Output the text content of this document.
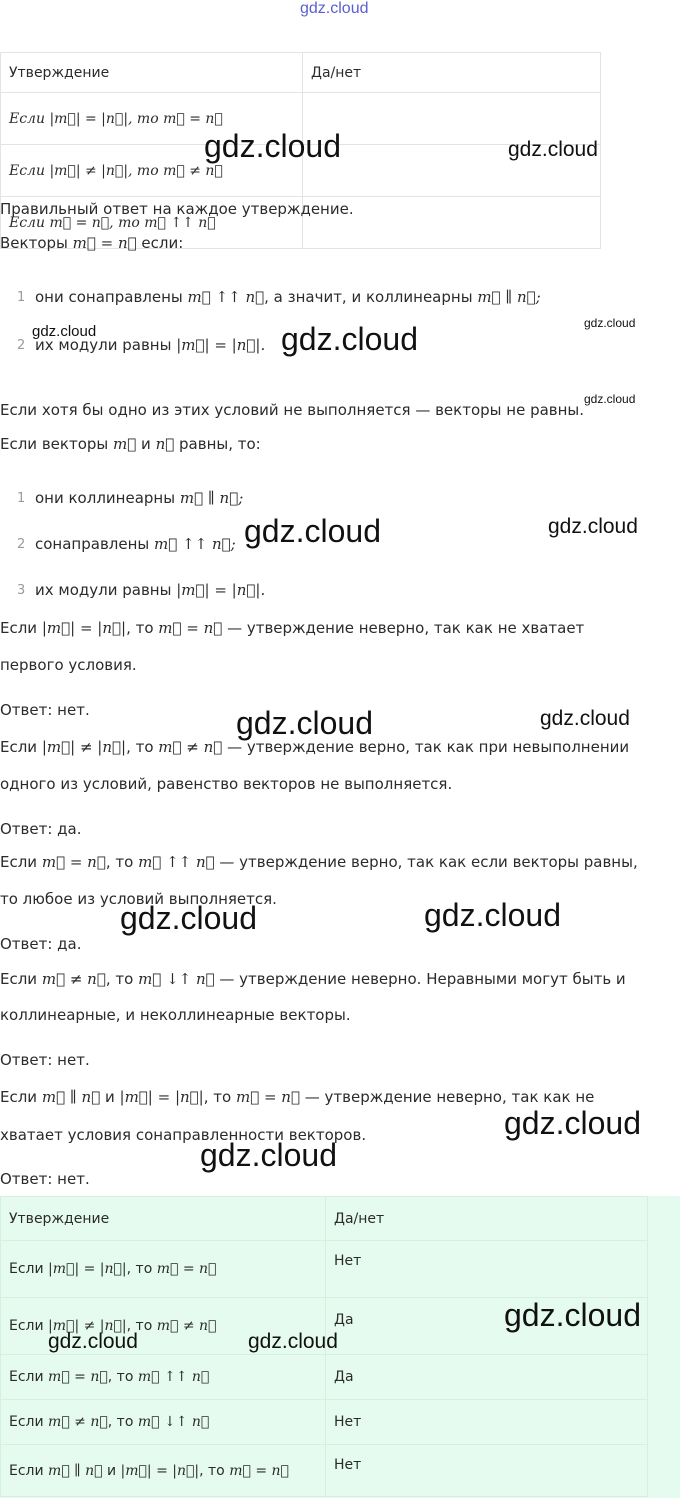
gdz.cloud
Утверждение	Да/нет
Если |m⃗| = |n⃗|, то m⃗ = n⃗	
Если |m⃗| ≠ |n⃗|, то m⃗ ≠ n⃗	
Если m⃗ = n⃗, то m⃗ ↑↑ n⃗	
Правильный ответ на каждое утверждение.
Векторы m⃗ = n⃗ если:
1 они сонаправлены m⃗ ↑↑ n⃗, а значит, и коллинеарны m⃗ ∥ n⃗;
2 их модули равны |m⃗| = |n⃗|.
Если хотя бы одно из этих условий не выполняется — векторы не равны.
Если векторы m⃗ и n⃗ равны, то:
1 они коллинеарны m⃗ ∥ n⃗;
2 сонаправлены m⃗ ↑↑ n⃗;
3 их модули равны |m⃗| = |n⃗|.
Если |m⃗| = |n⃗|, то m⃗ = n⃗ — утверждение неверно, так как не хватает
первого условия.
Ответ: нет.
Если |m⃗| ≠ |n⃗|, то m⃗ ≠ n⃗ — утверждение верно, так как при невыполнении
одного из условий, равенство векторов не выполняется.
Ответ: да.
Если m⃗ = n⃗, то m⃗ ↑↑ n⃗ — утверждение верно, так как если векторы равны,
то любое из условий выполняется.
Ответ: да.
Если m⃗ ≠ n⃗, то m⃗ ↓↑ n⃗ — утверждение неверно. Неравными могут быть и
коллинеарные, и неколлинеарные векторы.
Ответ: нет.
Если m⃗ ∥ n⃗ и |m⃗| = |n⃗|, то m⃗ = n⃗ — утверждение неверно, так как не
хватает условия сонаправленности векторов.
Ответ: нет.
Утверждение	Да/нет
Если |m⃗| = |n⃗|, то m⃗ = n⃗	Нет
Если |m⃗| ≠ |n⃗|, то m⃗ ≠ n⃗	Да
Если m⃗ = n⃗, то m⃗ ↑↑ n⃗	Да
Если m⃗ ≠ n⃗, то m⃗ ↓↑ n⃗	Нет
Если m⃗ ∥ n⃗ и |m⃗| = |n⃗|, то m⃗ = n⃗	Нет
gdz.cloud	gdz.cloud
gdz.cloud	gdz.cloud	gdz.cloud
gdz.cloud
gdz.cloud	gdz.cloud
gdz.cloud	gdz.cloud
gdz.cloud	gdz.cloud
gdz.cloud
gdz.cloud
gdz.cloud
gdz.cloud	gdz.cloud
